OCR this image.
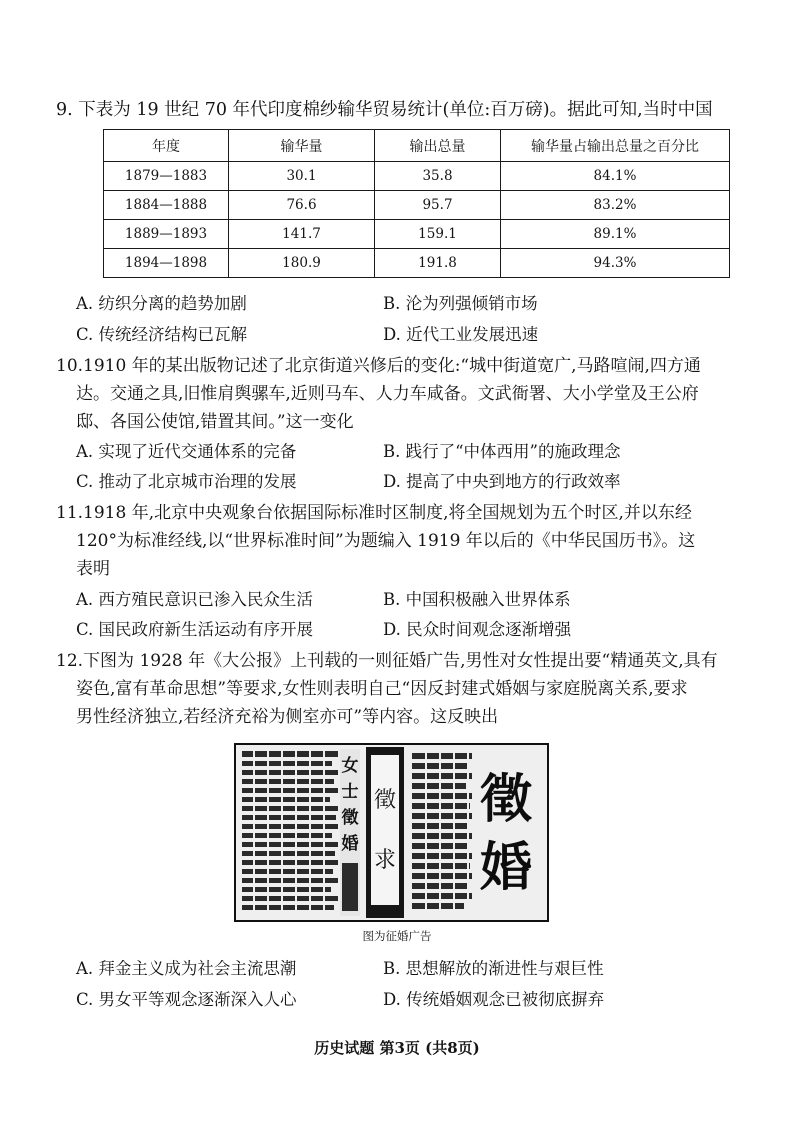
9. 下表为 19 世纪 70 年代印度棉纱输华贸易统计(单位:百万磅)。据此可知,当时中国
年度	输华量	输出总量	输华量占输出总量之百分比
1879—1883	30.1	35.8	84.1%
1884—1888	76.6	95.7	83.2%
1889—1893	141.7	159.1	89.1%
1894—1898	180.9	191.8	94.3%
A. 纺织分离的趋势加剧	B. 沦为列强倾销市场
C. 传统经济结构已瓦解	D. 近代工业发展迅速
10.1910 年的某出版物记述了北京街道兴修后的变化:“城中街道宽广,马路喧闹,四方通
达。交通之具,旧惟肩舆骡车,近则马车、人力车咸备。文武衙署、大小学堂及王公府
邸、各国公使馆,错置其间。”这一变化
A. 实现了近代交通体系的完备	B. 践行了“中体西用”的施政理念
C. 推动了北京城市治理的发展	D. 提高了中央到地方的行政效率
11.1918 年,北京中央观象台依据国际标准时区制度,将全国规划为五个时区,并以东经
120°为标准经线,以“世界标准时间”为题编入 1919 年以后的《中华民国历书》。这
表明
A. 西方殖民意识已渗入民众生活	B. 中国积极融入世界体系
C. 国民政府新生活运动有序开展	D. 民众时间观念逐渐增强
12.下图为 1928 年《大公报》上刊载的一则征婚广告,男性对女性提出要“精通英文,具有
姿色,富有革命思想”等要求,女性则表明自己“因反封建式婚姻与家庭脱离关系,要求
男性经济独立,若经济充裕为侧室亦可”等内容。这反映出
女
士
徵
婚
徵
求
徵
婚
图为征婚广告
A. 拜金主义成为社会主流思潮	B. 思想解放的渐进性与艰巨性
C. 男女平等观念逐渐深入人心	D. 传统婚姻观念已被彻底摒弃
历史试题 第3页 (共8页)
